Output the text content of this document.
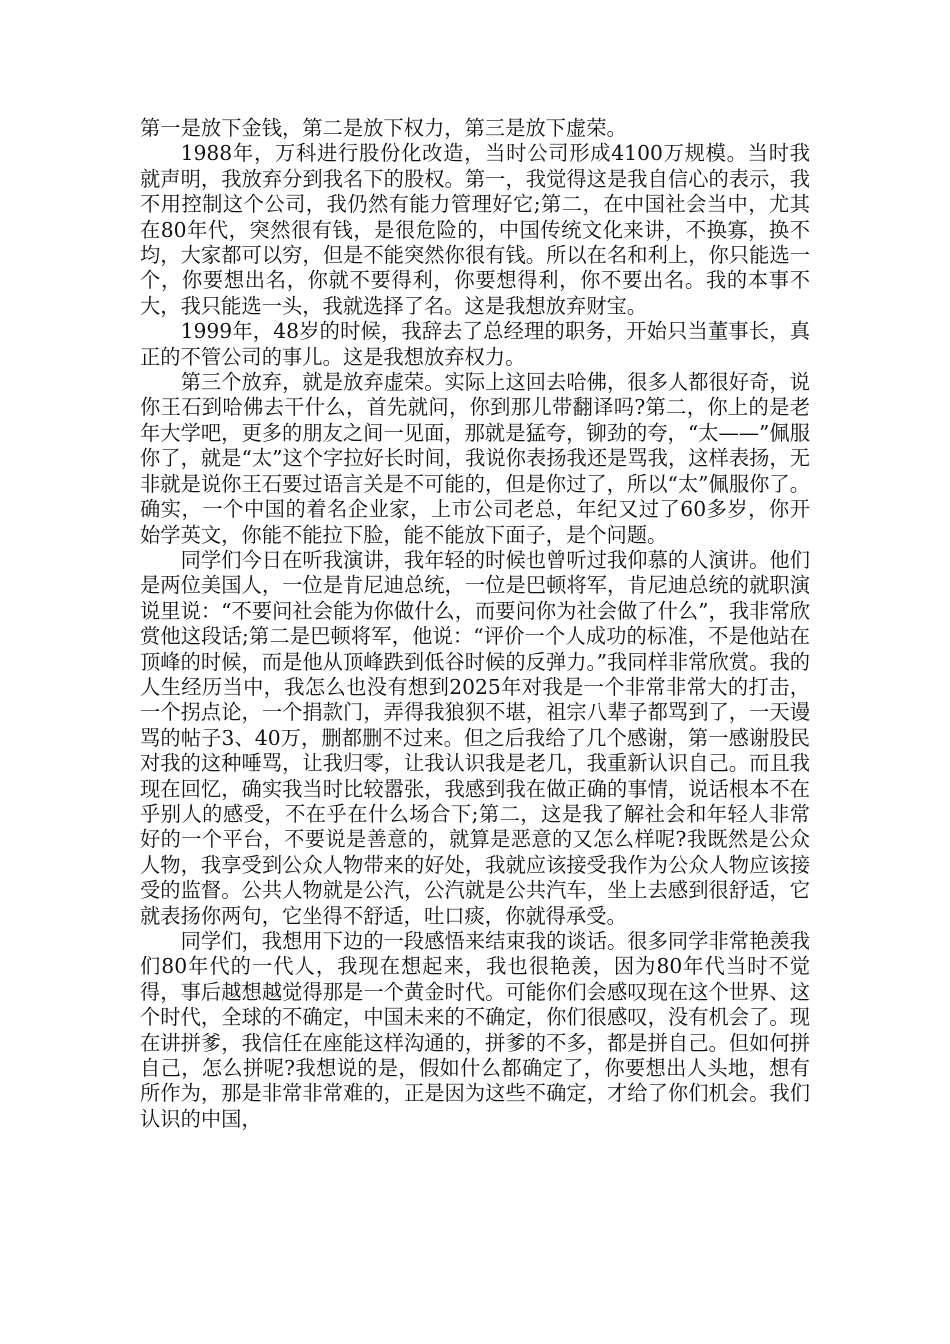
第一是放下金钱，第二是放下权力，第三是放下虚荣。

1988年，万科进行股份化改造，当时公司形成4100万规模。当时我就声明，我放弃分到我名下的股权。第一，我觉得这是我自信心的表示，我不用控制这个公司，我仍然有能力管理好它;第二，在中国社会当中，尤其在80年代，突然很有钱，是很危险的，中国传统文化来讲，不换寡，换不均，大家都可以穷，但是不能突然你很有钱。所以在名和利上，你只能选一个，你要想出名，你就不要得利，你要想得利，你不要出名。我的本事不大，我只能选一头，我就选择了名。这是我想放弃财宝。

1999年，48岁的时候，我辞去了总经理的职务，开始只当董事长，真正的不管公司的事儿。这是我想放弃权力。

第三个放弃，就是放弃虚荣。实际上这回去哈佛，很多人都很好奇，说你王石到哈佛去干什么，首先就问，你到那儿带翻译吗?第二，你上的是老年大学吧，更多的朋友之间一见面，那就是猛夸，铆劲的夸，“太——”佩服你了，就是“太”这个字拉好长时间，我说你表扬我还是骂我，这样表扬，无非就是说你王石要过语言关是不可能的，但是你过了，所以“太”佩服你了。确实，一个中国的着名企业家，上市公司老总，年纪又过了60多岁，你开始学英文，你能不能拉下脸，能不能放下面子，是个问题。

同学们今日在听我演讲，我年轻的时候也曾听过我仰慕的人演讲。他们是两位美国人，一位是肯尼迪总统，一位是巴顿将军，肯尼迪总统的就职演说里说：“不要问社会能为你做什么，而要问你为社会做了什么”，我非常欣赏他这段话;第二是巴顿将军，他说：“评价一个人成功的标准，不是他站在顶峰的时候，而是他从顶峰跌到低谷时候的反弹力。”我同样非常欣赏。我的人生经历当中，我怎么也没有想到2025年对我是一个非常非常大的打击，一个拐点论，一个捐款门，弄得我狼狈不堪，祖宗八辈子都骂到了，一天谩骂的帖子3、40万，删都删不过来。但之后我给了几个感谢，第一感谢股民对我的这种唾骂，让我归零，让我认识我是老几，我重新认识自己。而且我现在回忆，确实我当时比较嚣张，我感到我在做正确的事情，说话根本不在乎别人的感受，不在乎在什么场合下;第二，这是我了解社会和年轻人非常好的一个平台，不要说是善意的，就算是恶意的又怎么样呢?我既然是公众人物，我享受到公众人物带来的好处，我就应该接受我作为公众人物应该接受的监督。公共人物就是公汽，公汽就是公共汽车，坐上去感到很舒适，它就表扬你两句，它坐得不舒适，吐口痰，你就得承受。

同学们，我想用下边的一段感悟来结束我的谈话。很多同学非常艳羡我们80年代的一代人，我现在想起来，我也很艳羡，因为80年代当时不觉得，事后越想越觉得那是一个黄金时代。可能你们会感叹现在这个世界、这个时代，全球的不确定，中国未来的不确定，你们很感叹，没有机会了。现在讲拼爹，我信任在座能这样沟通的，拼爹的不多，都是拼自己。但如何拼自己，怎么拼呢?我想说的是，假如什么都确定了，你要想出人头地，想有所作为，那是非常非常难的，正是因为这些不确定，才给了你们机会。我们认识的中国，
